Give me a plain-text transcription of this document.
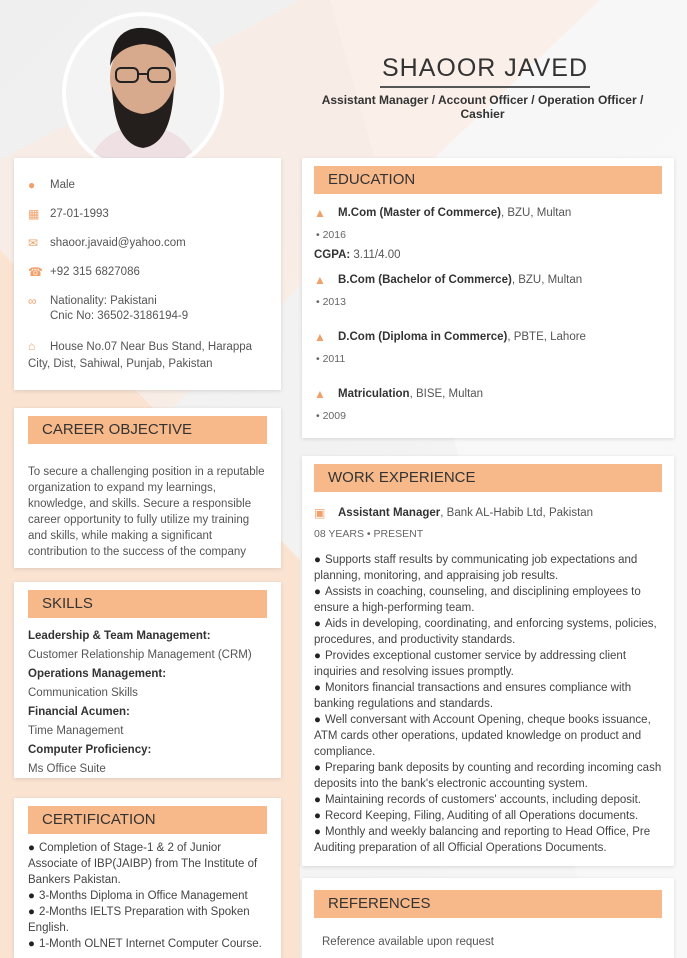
SHAOOR JAVED
Assistant Manager / Account Officer / Operation Officer / Cashier
●	Male
▦ 27-01-1993
✉	shaoor.javaid@yahoo.com
☎ +92 315 6827086
∞	Nationality: Pakistani
Cnic No: 36502-3186194-9
⌂ House No.07 Near Bus Stand, Harappa City, Dist, Sahiwal, Punjab, Pakistan
CAREER OBJECTIVE
To secure a challenging position in a reputable organization to expand my learnings, knowledge, and skills. Secure a responsible career opportunity to fully utilize my training and skills, while making a significant contribution to the success of the company
SKILLS
Leadership & Team Management:
Customer Relationship Management (CRM)
Operations Management:
Communication Skills
Financial Acumen:
Time Management
Computer Proficiency:
Ms Office Suite
CERTIFICATION
● Completion of Stage-1 & 2 of Junior Associate of IBP(JAIBP) from The Institute of Bankers Pakistan.
● 3-Months Diploma in Office Management
● 2-Months IELTS Preparation with Spoken English.
● 1-Month OLNET Internet Computer Course.
EDUCATION
▲	M.Com (Master of Commerce) , BZU, Multan
• 2016
CGPA: 3.11/4.00
▲	B.Com (Bachelor of Commerce) , BZU, Multan
• 2013
▲	D.Com (Diploma in Commerce) , PBTE, Lahore
• 2011
▲	Matriculation , BISE, Multan
• 2009
WORK EXPERIENCE
▣	Assistant Manager , Bank AL-Habib Ltd, Pakistan
08 YEARS • PRESENT
● Supports staff results by communicating job expectations and planning, monitoring, and appraising job results.
● Assists in coaching, counseling, and disciplining employees to ensure a high-performing team.
● Aids in developing, coordinating, and enforcing systems, policies, procedures, and productivity standards.
● Provides exceptional customer service by addressing client inquiries and resolving issues promptly.
● Monitors financial transactions and ensures compliance with banking regulations and standards.
● Well conversant with Account Opening, cheque books issuance, ATM cards other operations, updated knowledge on product and compliance.
● Preparing bank deposits by counting and recording incoming cash deposits into the bank's electronic accounting system.
● Maintaining records of customers' accounts, including deposit.
● Record Keeping, Filing, Auditing of all Operations documents.
● Monthly and weekly balancing and reporting to Head Office, Pre Auditing preparation of all Official Operations Documents.
REFERENCES
Reference available upon request
